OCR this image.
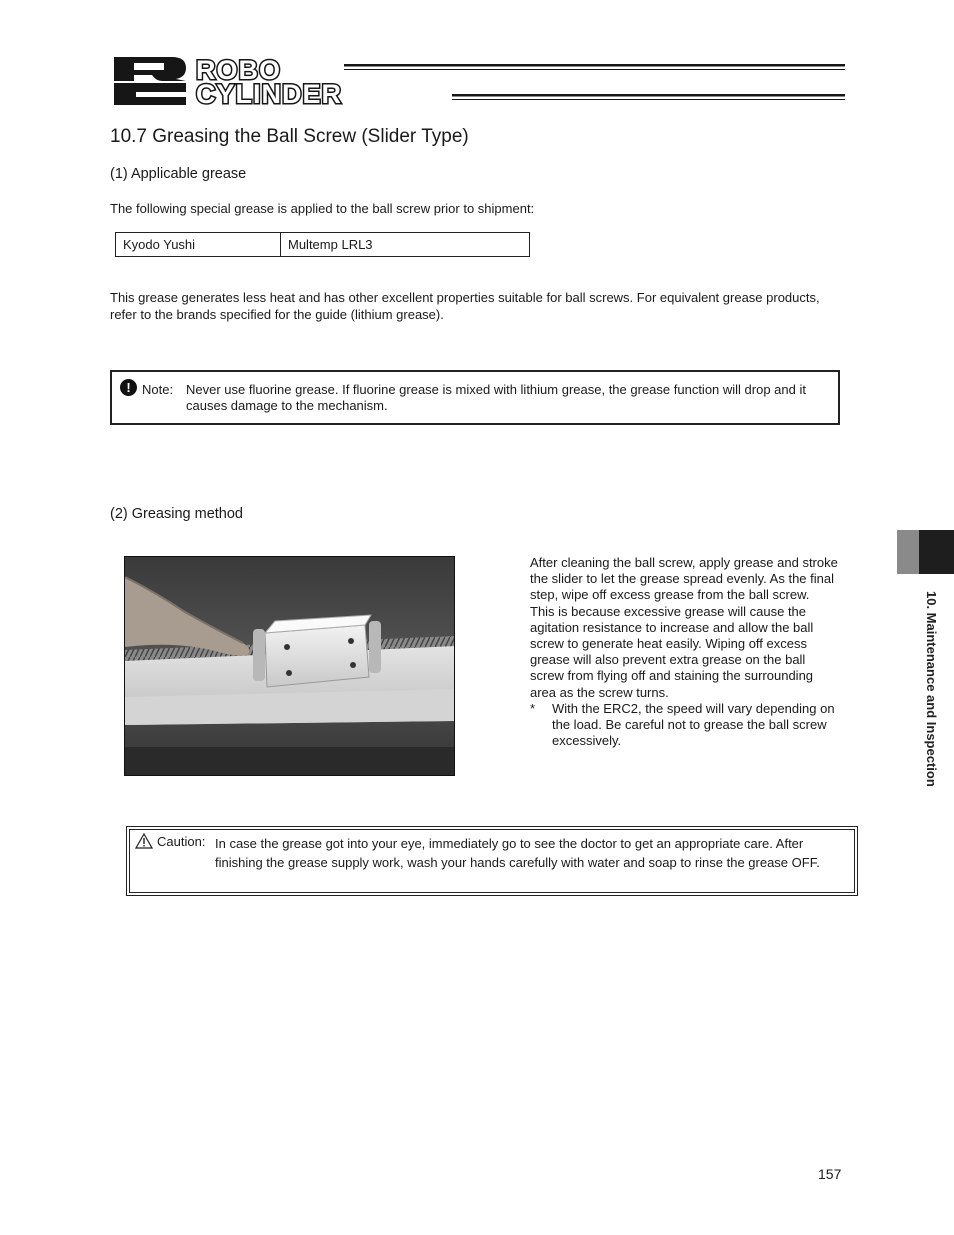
ROBO
CYLINDER
10.7 Greasing the Ball Screw (Slider Type)
(1) Applicable grease
The following special grease is applied to the ball screw prior to shipment:
Kyodo Yushi	Multemp LRL3
This grease generates less heat and has other excellent properties suitable for ball screws. For equivalent grease products, refer to the brands specified for the guide (lithium grease).
! Note: Never use fluorine grease. If fluorine grease is mixed with lithium grease, the grease function will drop and it causes damage to the mechanism.
(2) Greasing method
After cleaning the ball screw, apply grease and stroke the slider to let the grease spread evenly. As the final step, wipe off excess grease from the ball screw.
This is because excessive grease will cause the agitation resistance to increase and allow the ball screw to generate heat easily. Wiping off excess grease will also prevent extra grease on the ball screw from flying off and staining the surrounding area as the screw turns.
*	With the ERC2, the speed will vary depending on the load. Be careful not to grease the ball screw excessively.
Caution: In case the grease got into your eye, immediately go to see the doctor to get an appropriate care. After finishing the grease supply work, wash your hands carefully with water and soap to rinse the grease OFF.
10. Maintenance and Inspection
157
